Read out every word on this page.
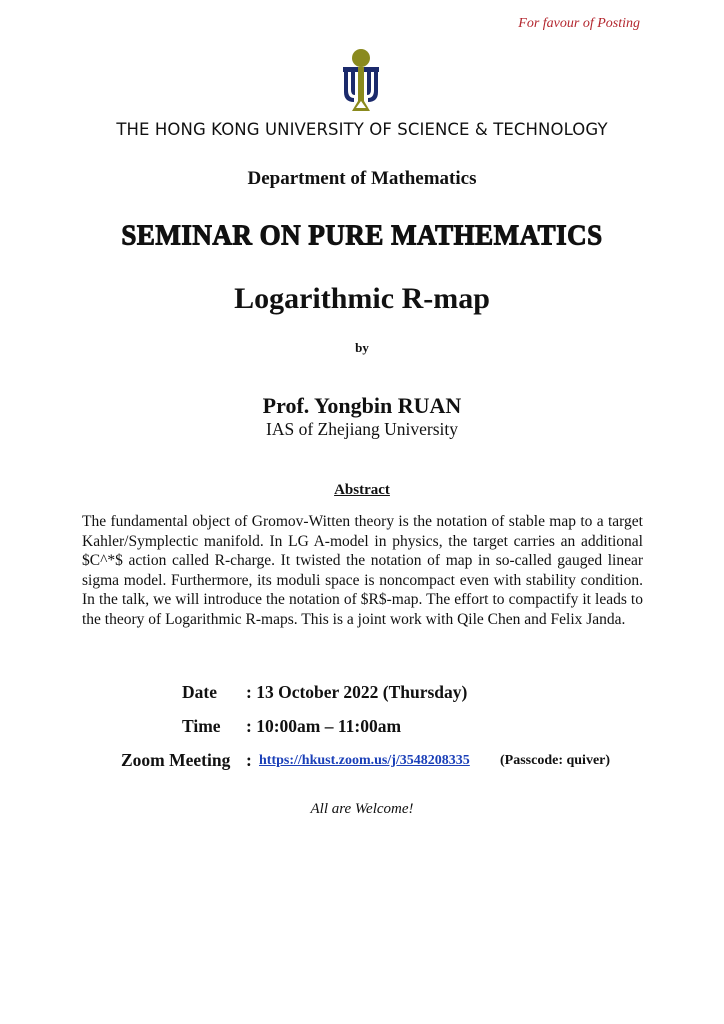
For favour of Posting
THE HONG KONG UNIVERSITY OF SCIENCE & TECHNOLOGY
Department of Mathematics
SEMINAR ON PURE MATHEMATICS
Logarithmic R-map
by
Prof. Yongbin RUAN
IAS of Zhejiang University
Abstract
The fundamental object of Gromov-Witten theory is the notation of stable map to a target Kahler/Symplectic manifold. In LG A-model in physics, the target carries an additional $C^*$ action called R-charge. It twisted the notation of map in so-called gauged linear sigma model. Furthermore, its moduli space is noncompact even with stability condition. In the talk, we will introduce the notation of $R$-map. The effort to compactify it leads to the theory of Logarithmic R-maps. This is a joint work with Qile Chen and Felix Janda.
Date : 13 October 2022 (Thursday)
Time : 10:00am – 11:00am
Zoom Meeting : https://hkust.zoom.us/j/3548208335 (Passcode: quiver)
All are Welcome!
